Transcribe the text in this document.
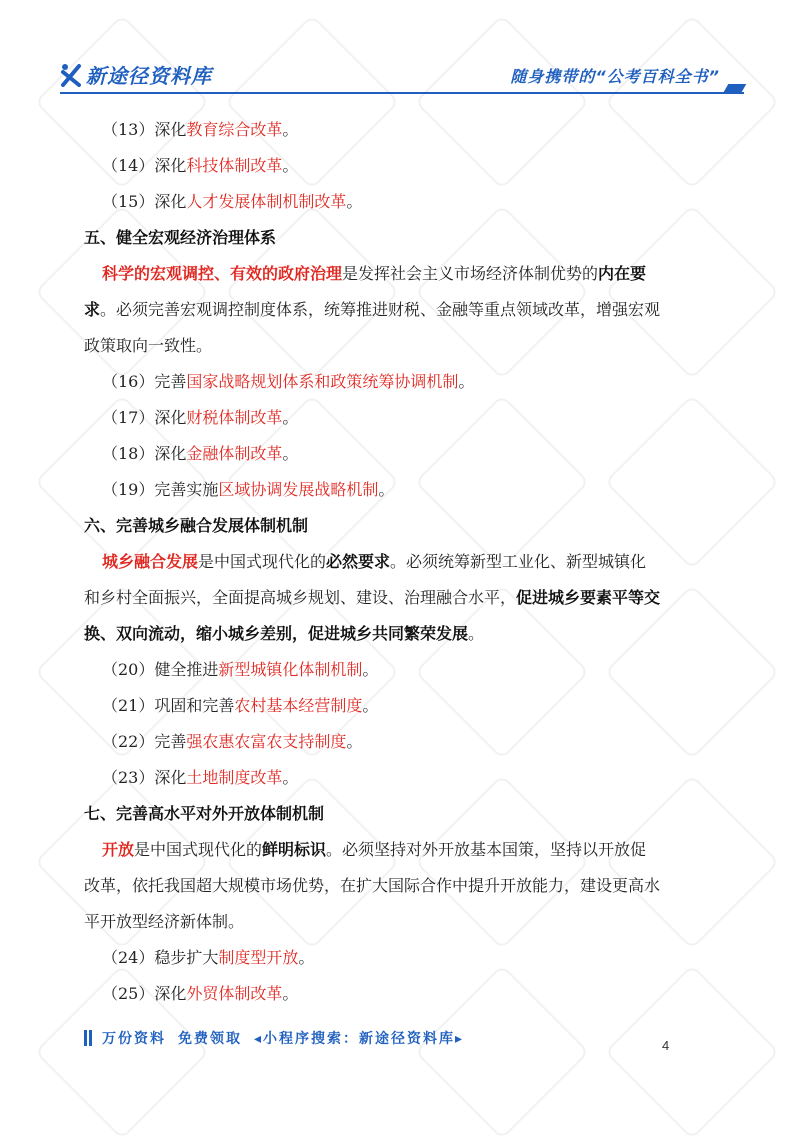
新途径资料库	随身携带的“公考百科全书”
（13）深化教育综合改革。
（14）深化科技体制改革。
（15）深化人才发展体制机制改革。
五、健全宏观经济治理体系
科学的宏观调控、有效的政府治理是发挥社会主义市场经济体制优势的内在要
求。必须完善宏观调控制度体系，统筹推进财税、金融等重点领域改革，增强宏观
政策取向一致性。
（16）完善国家战略规划体系和政策统筹协调机制。
（17）深化财税体制改革。
（18）深化金融体制改革。
（19）完善实施区域协调发展战略机制。
六、完善城乡融合发展体制机制
城乡融合发展是中国式现代化的必然要求。必须统筹新型工业化、新型城镇化
和乡村全面振兴，全面提高城乡规划、建设、治理融合水平，促进城乡要素平等交
换、双向流动，缩小城乡差别，促进城乡共同繁荣发展。
（20）健全推进新型城镇化体制机制。
（21）巩固和完善农村基本经营制度。
（22）完善强农惠农富农支持制度。
（23）深化土地制度改革。
七、完善高水平对外开放体制机制
开放是中国式现代化的鲜明标识。必须坚持对外开放基本国策，坚持以开放促
改革，依托我国超大规模市场优势，在扩大国际合作中提升开放能力，建设更高水
平开放型经济新体制。
（24）稳步扩大制度型开放。
（25）深化外贸体制改革。
万份资料 免费领取 ◂小程序搜索：新途径资料库▸	4
